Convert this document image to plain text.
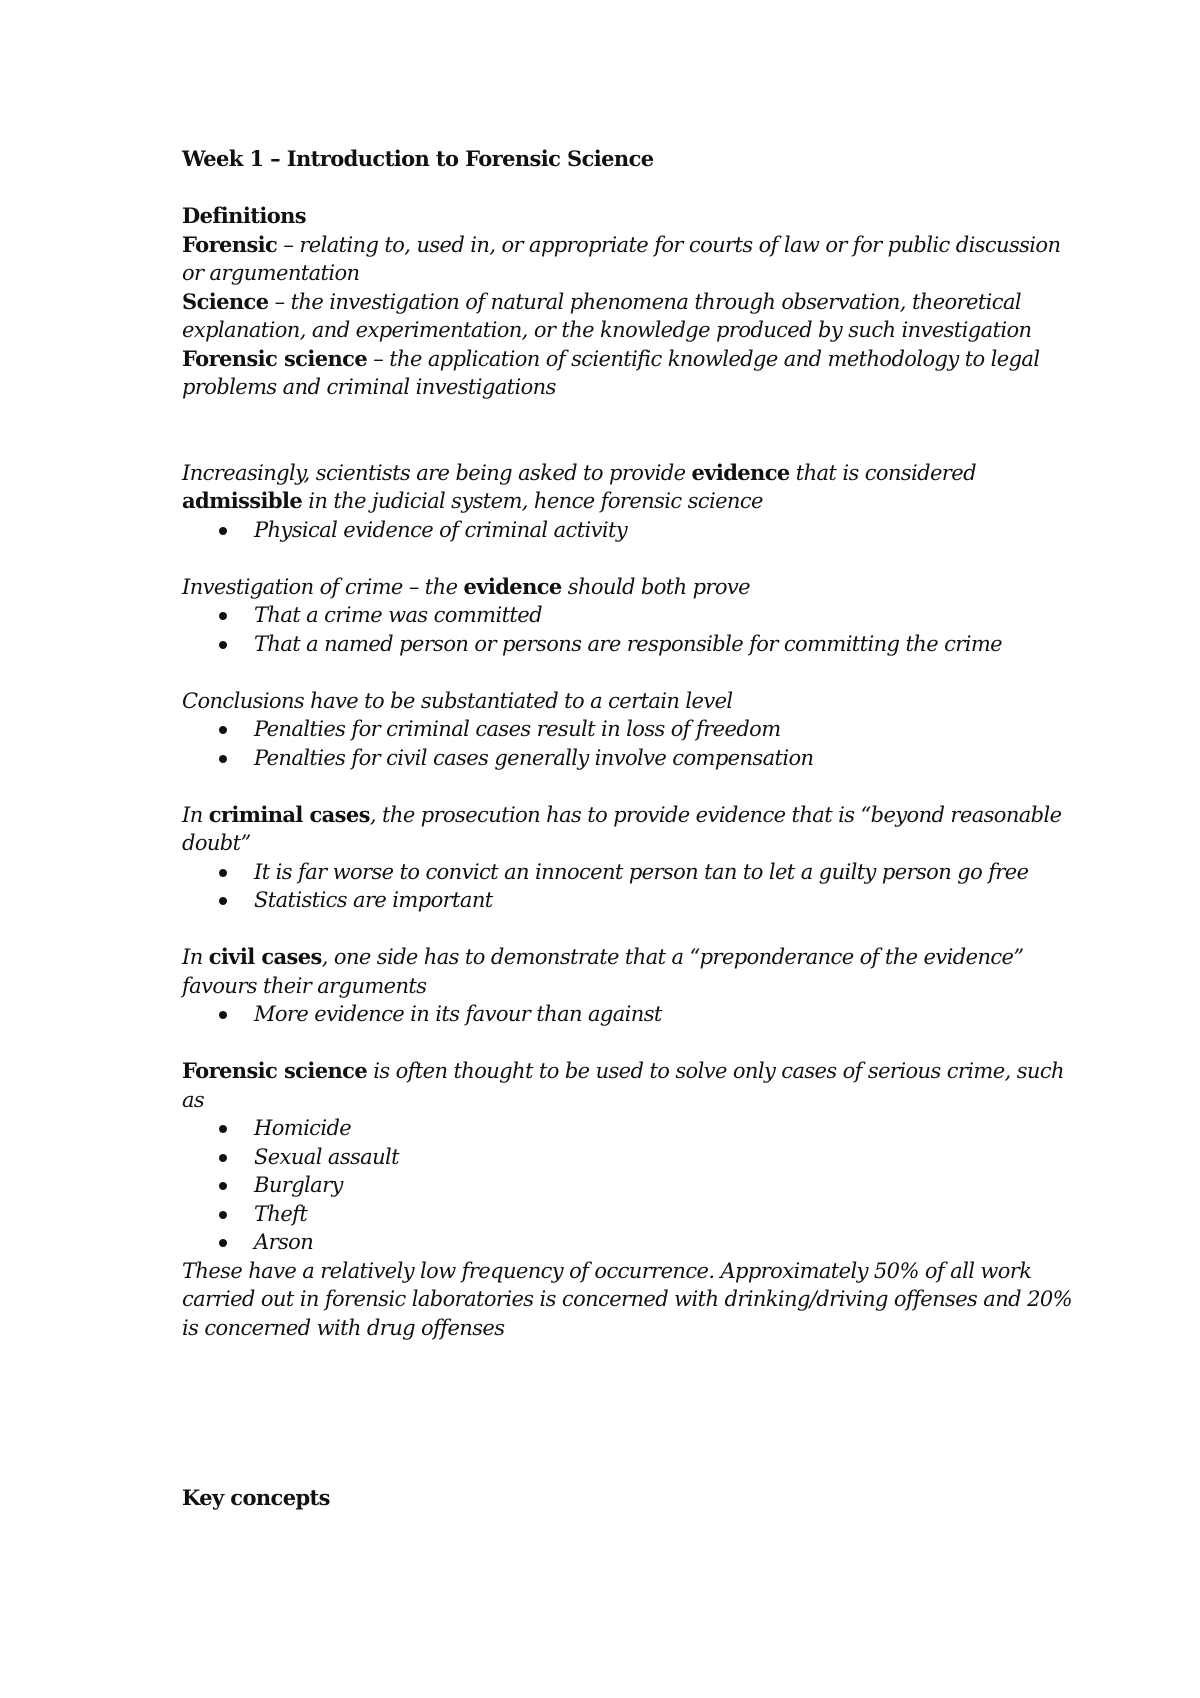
Week 1 – Introduction to Forensic Science

Definitions

Forensic – relating to, used in, or appropriate for courts of law or for public discussion or argumentation

Science – the investigation of natural phenomena through observation, theoretical explanation, and experimentation, or the knowledge produced by such investigation

Forensic science – the application of scientific knowledge and methodology to legal problems and criminal investigations

Increasingly, scientists are being asked to provide evidence that is considered admissible in the judicial system, hence forensic science

Physical evidence of criminal activity

Investigation of crime – the evidence should both prove

That a crime was committed
That a named person or persons are responsible for committing the crime

Conclusions have to be substantiated to a certain level

Penalties for criminal cases result in loss of freedom
Penalties for civil cases generally involve compensation

In criminal cases, the prosecution has to provide evidence that is “beyond reasonable doubt”

It is far worse to convict an innocent person tan to let a guilty person go free
Statistics are important

In civil cases, one side has to demonstrate that a “preponderance of the evidence” favours their arguments

More evidence in its favour than against

Forensic science is often thought to be used to solve only cases of serious crime, such as

Homicide
Sexual assault
Burglary
Theft
Arson

These have a relatively low frequency of occurrence. Approximately 50% of all work carried out in forensic laboratories is concerned with drinking/driving offenses and 20% is concerned with drug offenses

Key concepts
